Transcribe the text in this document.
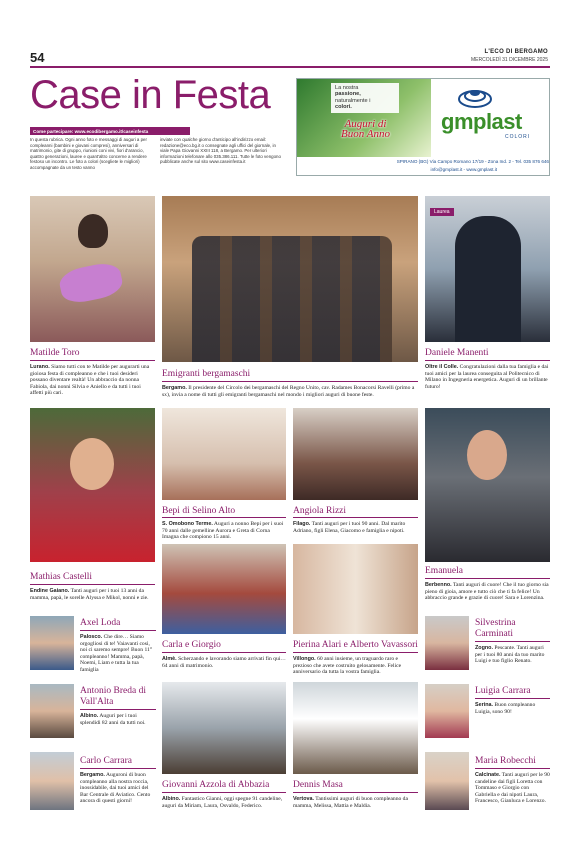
54	L'ECO DI BERGAMO
MERCOLEDÌ 31 DICEMBRE 2025
Case in Festa
Come partecipare: www.ecodibergamo.it/caseinfesta
In questa rubrica. Ogni anno foto e messaggi di auguri a per compleanni (bambini e giovani compresi), anniversari di matrimonio, gite di gruppo, riunioni coni vivi, fiori d'arancio, quattro generazioni, lauree e quant'altro concerne a rendere festoso un incontro. Le foto a colori (scegliete le migliori) accompagnate da un testo vanno
inviate con qualche giorno d'anticipo all'indirizzo email: redazione@eco.bg.it o consegnate agli uffici del giornale, in viale Papa Giovanni XXIII 118, a Bergamo. Per ulteriori informazioni telefonare allo 035.386.111. Tutte le foto vengono pubblicate anche sul sito www.caseinfesta.it
La nostra
passione,
naturalmente i
colori.
Auguri di
Buon Anno gmplast
COLORI
SPIRANO (BG) Via Campo Romano 17/19 - Zona Ind. 2 - Tel. 035 876 646
info@gmplast.it - www.gmplast.it
Matilde Toro
Lurano. Siamo tutti con te Matilde per augurarti una gioiosa festa di compleanno e che i tuoi desideri possano diventare realtà! Un abbraccio da nonna Fabiola, dai nonni Silvia e Aniello e da tutti i tuoi affetti più cari.
Emigranti bergamaschi
Bergamo. Il presidente del Circolo dei bergamaschi del Regno Unito, cav. Radames Bonacorsi Ravelli (primo a sx), invia a nome di tutti gli emigranti bergamaschi nel mondo i migliori auguri di buone feste.
Laurea
Daniele Manenti
Oltre il Colle. Congratulazioni dalla tua famiglia e dai tuoi amici per la laurea conseguita al Politecnico di Milano in Ingegneria energetica. Auguri di un brillante futuro!
Mathias Castelli
Endine Gaiano. Tanti auguri per i tuoi 13 anni da mamma, papà, le sorelle Alyssa e Mikol, nonni e zie.
Bepi di Selino Alto
S. Omobono Terme. Auguri a nonno Bepi per i suoi 70 anni dalle gemelline Aurora e Greta di Corna Imagna che compiono 15 anni.
Angiola Rizzi
Filago. Tanti auguri per i tuoi 90 anni. Dal marito Adriano, figli Elena, Giacomo e famiglia e nipoti.
Emanuela
Berbenno. Tanti auguri di cuore! Che il tuo giorno sia pieno di gioia, amore e tutto ciò che ti fa felice! Un abbraccio grande e grazie di cuore! Sara e Lorenzina.
Axel Loda
Palosco. Che dire… Siamo orgogliosi di te! Vaiavanti così, noi ci saremo sempre! Buon 11° compleanno! Mamma, papà, Noemi, Liam e tutta la tua famiglia
Carla e Giorgio
Almè. Scherzando e lavorando siamo arrivati fin qui… 64 anni di matrimonio.
Pierina Alari e Alberto Vavassori
Villongo. 60 anni insieme, un traguardo raro e prezioso che avete costruito gelosamente. Felice anniversario da tutta la vostra famiglia.
Silvestrina Carminati
Zogno. Pescante. Tanti auguri per i tuoi 80 anni da tuo marito Luigi e tuo figlio Renato.
Antonio Breda di Vall'Alta
Albino. Auguri per i tuoi splendidi 82 anni da tutti noi.
Giovanni Azzola di Abbazia
Albino. Fantastico Gianni, oggi spegne 91 candeline, auguri da Miriam, Laura, Osvaldo, Federico.
Dennis Masa
Vertova. Tantissimi auguri di buon compleanno da mamma, Melissa, Mattia e Maldia.
Luigia Carrara
Serina. Buon compleanno Luigia, sono 90!
Carlo Carrara
Bergamo. Auguroni di buon compleanno alla nostra roccia, inossidabile, dai tuoi amici del Bar Centrale di Aviatico. Cento ancora di questi giorni!
Maria Robecchi
Calcinate. Tanti auguri per le 90 candeline dai figli Loretta con Tommaso e Giorgio con Gabriella e dai nipoti Laura, Francesco, Gianluca e Lorenzo.
